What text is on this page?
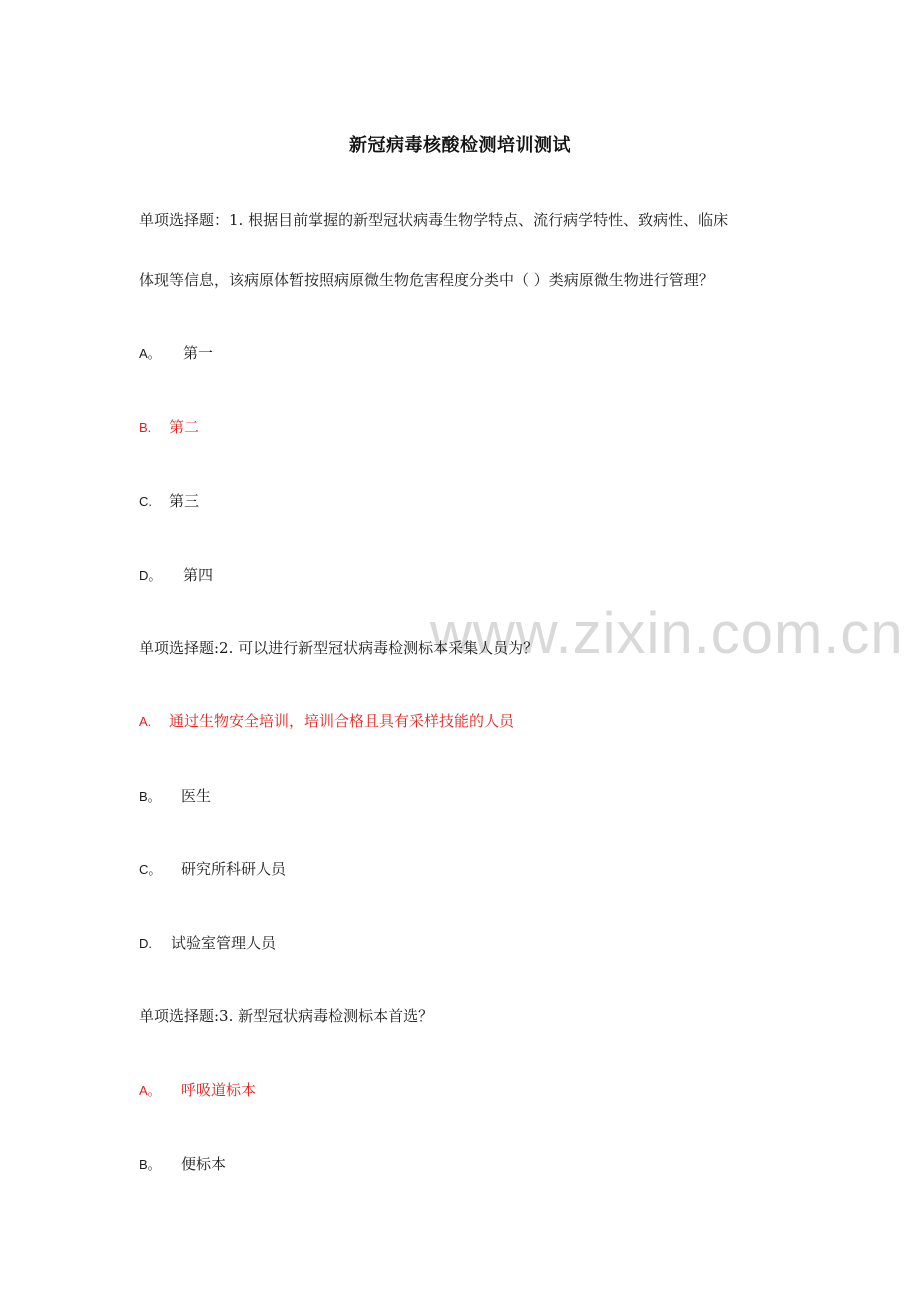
新冠病毒核酸检测培训测试
www.zixin.com.cn
单项选择题：1. 根据目前掌握的新型冠状病毒生物学特点、流行病学特性、致病性、临床
体现等信息，该病原体暂按照病原微生物危害程度分类中（ ）类病原微生物进行管理？
A。	第一
B.	第二
C.	第三
D。	第四
单项选择题:2. 可以进行新型冠状病毒检测标本采集人员为？
A.	通过生物安全培训，培训合格且具有采样技能的人员
B。	医生
C。	研究所科研人员
D.	试验室管理人员
单项选择题:3. 新型冠状病毒检测标本首选？
A。	呼吸道标本
B。	便标本
